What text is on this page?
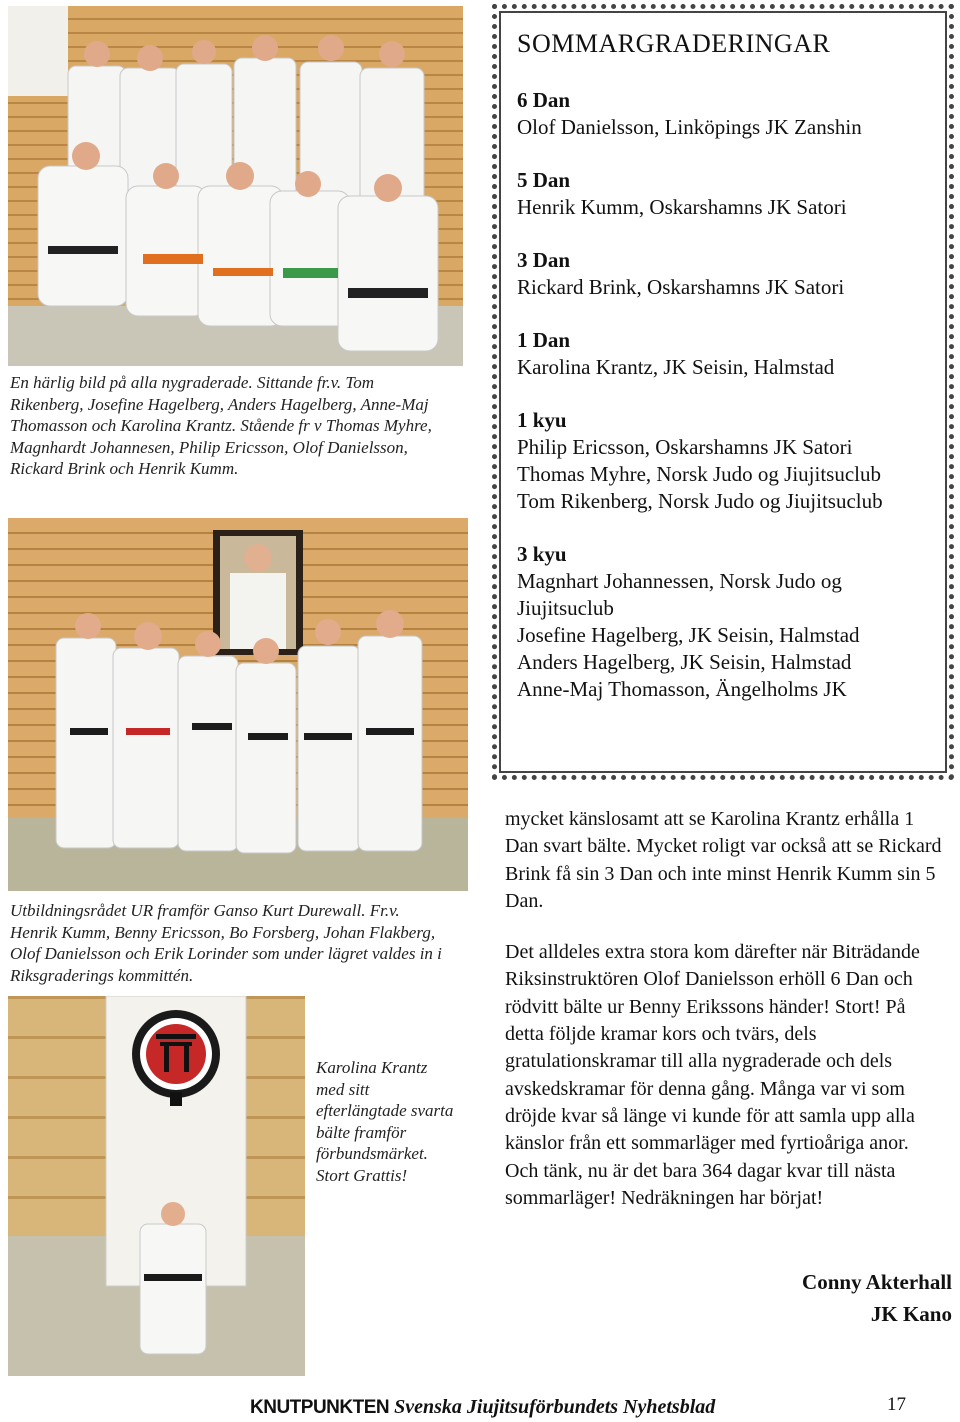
En härlig bild på alla nygraderade. Sittande fr.v. Tom Rikenberg, Josefine Hagelberg, Anders Hagelberg, Anne-Maj Thomasson och Karolina Krantz. Stående fr v Thomas Myhre, Magnhardt Johannesen, Philip Ericsson, Olof Danielsson, Rickard Brink och Henrik Kumm.
Utbildningsrådet UR framför Ganso Kurt Durewall. Fr.v. Henrik Kumm, Benny Ericsson, Bo Forsberg, Johan Flakberg, Olof Danielsson och Erik Lorinder som under lägret valdes in i Riksgraderings kommittén.
Karolina Krantz med sitt efterlängtade svarta bälte framför förbundsmärket. Stort Grattis!
SOMMARGRADERINGAR
6 Dan
Olof Danielsson, Linköpings JK Zanshin
5 Dan
Henrik Kumm, Oskarshamns JK Satori
3 Dan
Rickard Brink, Oskarshamns JK Satori
1 Dan
Karolina Krantz, JK Seisin, Halmstad
1 kyu
Philip Ericsson, Oskarshamns JK Satori
Thomas Myhre, Norsk Judo og Jiujitsuclub
Tom Rikenberg, Norsk Judo og Jiujitsuclub
3 kyu
Magnhart Johannessen, Norsk Judo og Jiujitsuclub
Josefine Hagelberg, JK Seisin, Halmstad
Anders Hagelberg, JK Seisin, Halmstad
Anne-Maj Thomasson, Ängelholms JK

mycket känslosamt att se Karolina Krantz erhålla 1 Dan svart bälte. Mycket roligt var också att se Rickard Brink få sin 3 Dan och inte minst Henrik Kumm sin 5 Dan.

Det alldeles extra stora kom därefter när Biträdande Riksinstruktören Olof Danielsson erhöll 6 Dan och rödvitt bälte ur Benny Erikssons händer! Stort! På detta följde kramar kors och tvärs, dels gratulationskramar till alla nygraderade och dels avskedskramar för denna gång. Många var vi som dröjde kvar så länge vi kunde för att samla upp alla känslor från ett sommarläger med fyrtioåriga anor. Och tänk, nu är det bara 364 dagar kvar till nästa sommarläger! Nedräkningen har börjat!

Conny Akterhall
JK Kano
KNUTPUNKTEN Svenska Jiujitsuförbundets Nyhetsblad	17
